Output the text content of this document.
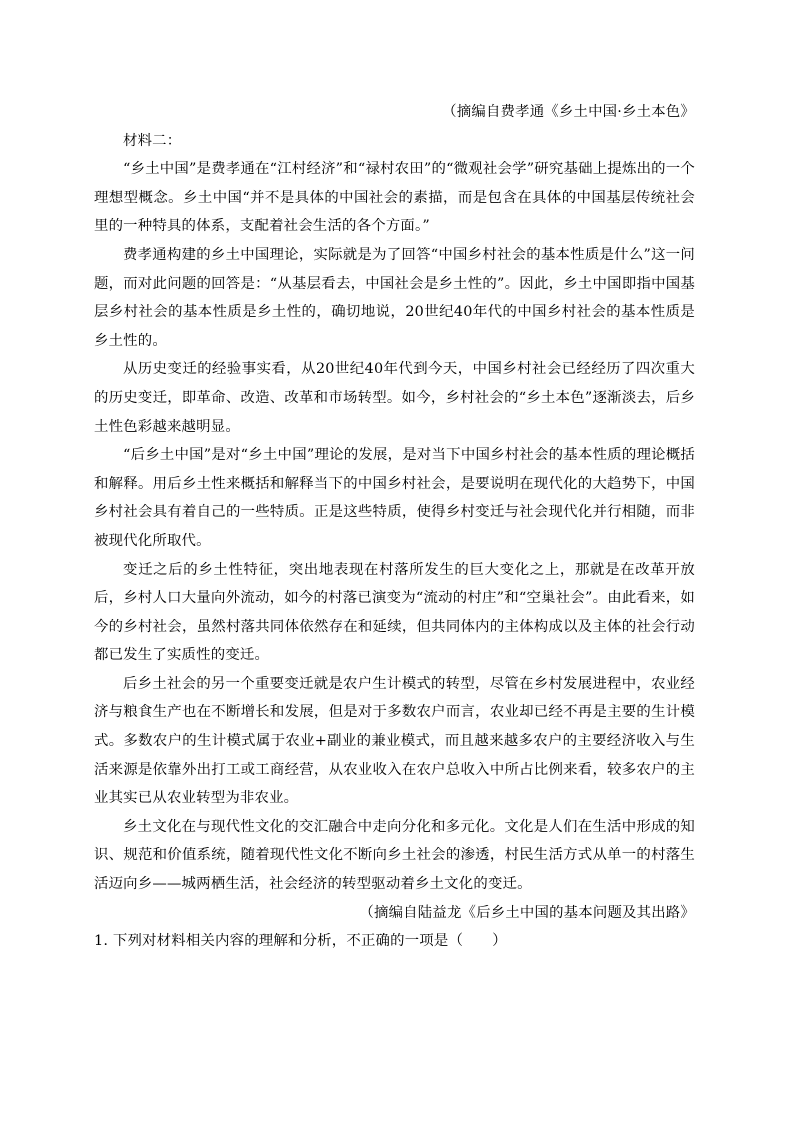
（摘编自费孝通《乡土中国·乡土本色》

材料二：

“乡土中国”是费孝通在“江村经济”和“禄村农田”的“微观社会学”研究基础上提炼出的一个理想型概念。乡土中国“并不是具体的中国社会的素描，而是包含在具体的中国基层传统社会里的一种特具的体系，支配着社会生活的各个方面。”

费孝通构建的乡土中国理论，实际就是为了回答“中国乡村社会的基本性质是什么”这一问题，而对此问题的回答是：“从基层看去，中国社会是乡土性的”。因此，乡土中国即指中国基层乡村社会的基本性质是乡土性的，确切地说，20世纪40年代的中国乡村社会的基本性质是乡土性的。

从历史变迁的经验事实看，从20世纪40年代到今天，中国乡村社会已经经历了四次重大的历史变迁，即革命、改造、改革和市场转型。如今，乡村社会的“乡土本色”逐渐淡去，后乡土性色彩越来越明显。

“后乡土中国”是对“乡土中国”理论的发展，是对当下中国乡村社会的基本性质的理论概括和解释。用后乡土性来概括和解释当下的中国乡村社会，是要说明在现代化的大趋势下，中国乡村社会具有着自己的一些特质。正是这些特质，使得乡村变迁与社会现代化并行相随，而非被现代化所取代。

变迁之后的乡土性特征，突出地表现在村落所发生的巨大变化之上，那就是在改革开放后，乡村人口大量向外流动，如今的村落已演变为“流动的村庄”和“空巢社会”。由此看来，如今的乡村社会，虽然村落共同体依然存在和延续，但共同体内的主体构成以及主体的社会行动都已发生了实质性的变迁。

后乡土社会的另一个重要变迁就是农户生计模式的转型，尽管在乡村发展进程中，农业经济与粮食生产也在不断增长和发展，但是对于多数农户而言，农业却已经不再是主要的生计模式。多数农户的生计模式属于农业+副业的兼业模式，而且越来越多农户的主要经济收入与生活来源是依靠外出打工或工商经营，从农业收入在农户总收入中所占比例来看，较多农户的主业其实已从农业转型为非农业。

乡土文化在与现代性文化的交汇融合中走向分化和多元化。文化是人们在生活中形成的知识、规范和价值系统，随着现代性文化不断向乡土社会的渗透，村民生活方式从单一的村落生活迈向乡——城两栖生活，社会经济的转型驱动着乡土文化的变迁。

（摘编自陆益龙《后乡土中国的基本问题及其出路》

1. 下列对材料相关内容的理解和分析，不正确的一项是（　　）
